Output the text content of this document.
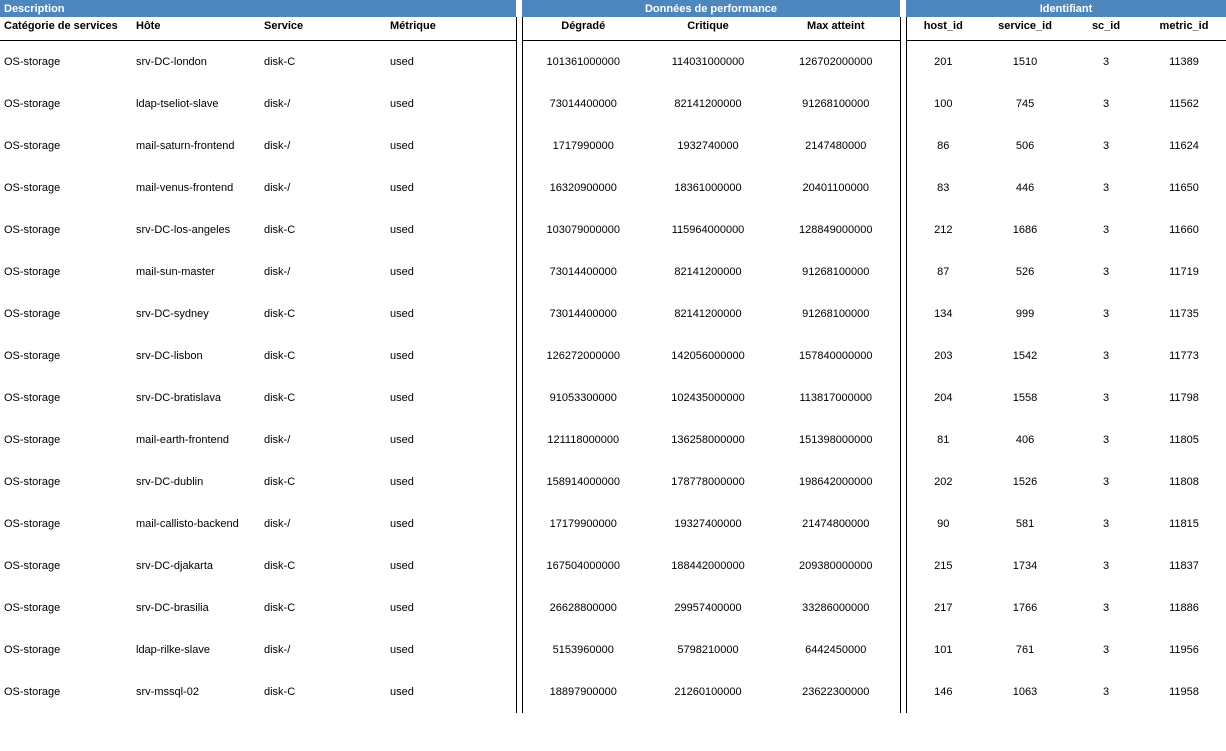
Description					Données de performance				Identifiant			
Catégorie de services	Hôte	Service	Métrique		Dégradé	Critique	Max atteint		host_id	service_id	sc_id	metric_id
OS-storage	srv-DC-london	disk-C	used		101361000000	114031000000	126702000000		201	1510	3	11389
OS-storage	ldap-tseliot-slave	disk-/	used		73014400000	82141200000	91268100000		100	745	3	11562
OS-storage	mail-saturn-frontend	disk-/	used		1717990000	1932740000	2147480000		86	506	3	11624
OS-storage	mail-venus-frontend	disk-/	used		16320900000	18361000000	20401100000		83	446	3	11650
OS-storage	srv-DC-los-angeles	disk-C	used		103079000000	115964000000	128849000000		212	1686	3	11660
OS-storage	mail-sun-master	disk-/	used		73014400000	82141200000	91268100000		87	526	3	11719
OS-storage	srv-DC-sydney	disk-C	used		73014400000	82141200000	91268100000		134	999	3	11735
OS-storage	srv-DC-lisbon	disk-C	used		126272000000	142056000000	157840000000		203	1542	3	11773
OS-storage	srv-DC-bratislava	disk-C	used		91053300000	102435000000	113817000000		204	1558	3	11798
OS-storage	mail-earth-frontend	disk-/	used		121118000000	136258000000	151398000000		81	406	3	11805
OS-storage	srv-DC-dublin	disk-C	used		158914000000	178778000000	198642000000		202	1526	3	11808
OS-storage	mail-callisto-backend	disk-/	used		17179900000	19327400000	21474800000		90	581	3	11815
OS-storage	srv-DC-djakarta	disk-C	used		167504000000	188442000000	209380000000		215	1734	3	11837
OS-storage	srv-DC-brasilia	disk-C	used		26628800000	29957400000	33286000000		217	1766	3	11886
OS-storage	ldap-rilke-slave	disk-/	used		5153960000	5798210000	6442450000		101	761	3	11956
OS-storage	srv-mssql-02	disk-C	used		18897900000	21260100000	23622300000		146	1063	3	11958
